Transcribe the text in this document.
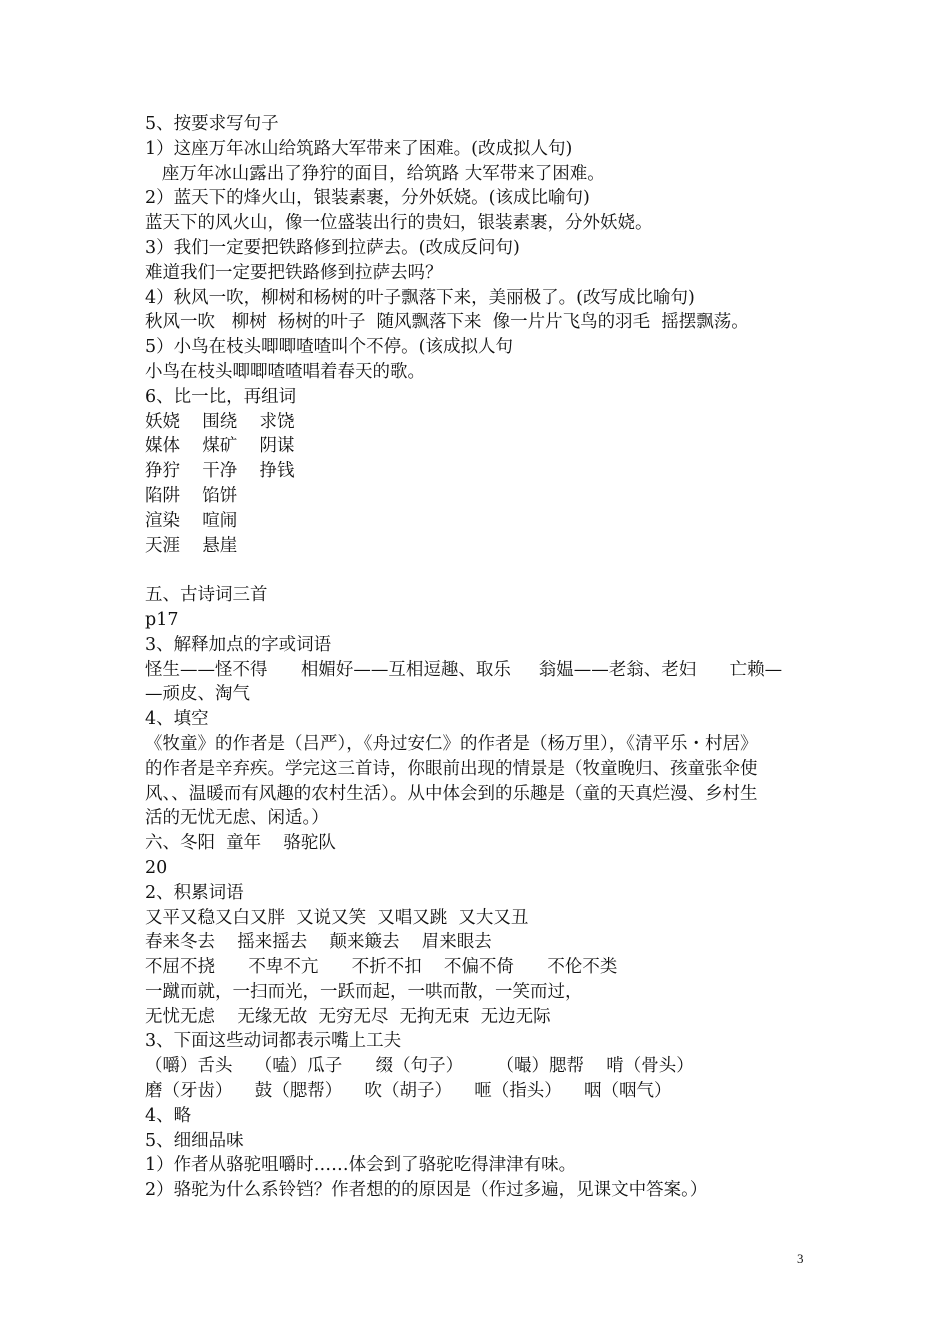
5、按要求写句子

1）这座万年冰山给筑路大军带来了困难。(改成拟人句)

座万年冰山露出了狰狞的面目，给筑路 大军带来了困难。

2）蓝天下的烽火山，银装素裹，分外妖娆。(该成比喻句)

蓝天下的风火山，像一位盛装出行的贵妇，银装素裹，分外妖娆。

3）我们一定要把铁路修到拉萨去。(改成反问句)

难道我们一定要把铁路修到拉萨去吗？

4）秋风一吹，柳树和杨树的叶子飘落下来，美丽极了。(改写成比喻句)

秋风一吹   柳树  杨树的叶子  随风飘落下来  像一片片飞鸟的羽毛  摇摆飘荡。

5）小鸟在枝头唧唧喳喳叫个不停。(该成拟人句

小鸟在枝头唧唧喳喳唱着春天的歌。

6、比一比，再组词

妖娆    围绕    求饶

媒体    煤矿    阴谋

狰狞    干净    挣钱

陷阱    馅饼

渲染    喧闹

天涯    悬崖

五、古诗词三首

p17

3、解释加点的字或词语

怪生——怪不得      相媚好——互相逗趣、取乐     翁媪——老翁、老妇      亡赖—

—顽皮、淘气

4、填空

《牧童》的作者是（吕严），《舟过安仁》的作者是（杨万里），《清平乐・村居》

的作者是辛弃疾。学完这三首诗，你眼前出现的情景是（牧童晚归、孩童张伞使

风、、温暖而有风趣的农村生活）。从中体会到的乐趣是（童的天真烂漫、乡村生

活的无忧无虑、闲适。）

六、冬阳  童年    骆驼队

20

2、积累词语

又平又稳又白又胖  又说又笑  又唱又跳  又大又丑

春来冬去    摇来摇去    颠来簸去    眉来眼去

不屈不挠      不卑不亢      不折不扣    不偏不倚      不伦不类

一蹴而就，一扫而光，一跃而起，一哄而散，一笑而过，

无忧无虑    无缘无故  无穷无尽  无拘无束  无边无际

3、下面这些动词都表示嘴上工夫

（嚼）舌头    （嗑）瓜子      缀（句子）      （嘬）腮帮    啃（骨头）

磨（牙齿）    鼓（腮帮）    吹（胡子）    咂（指头）    咽（咽气）

4、略

5、细细品味

1）作者从骆驼咀嚼时……体会到了骆驼吃得津津有味。

2）骆驼为什么系铃铛？作者想的的原因是（作过多遍，见课文中答案。）

3
